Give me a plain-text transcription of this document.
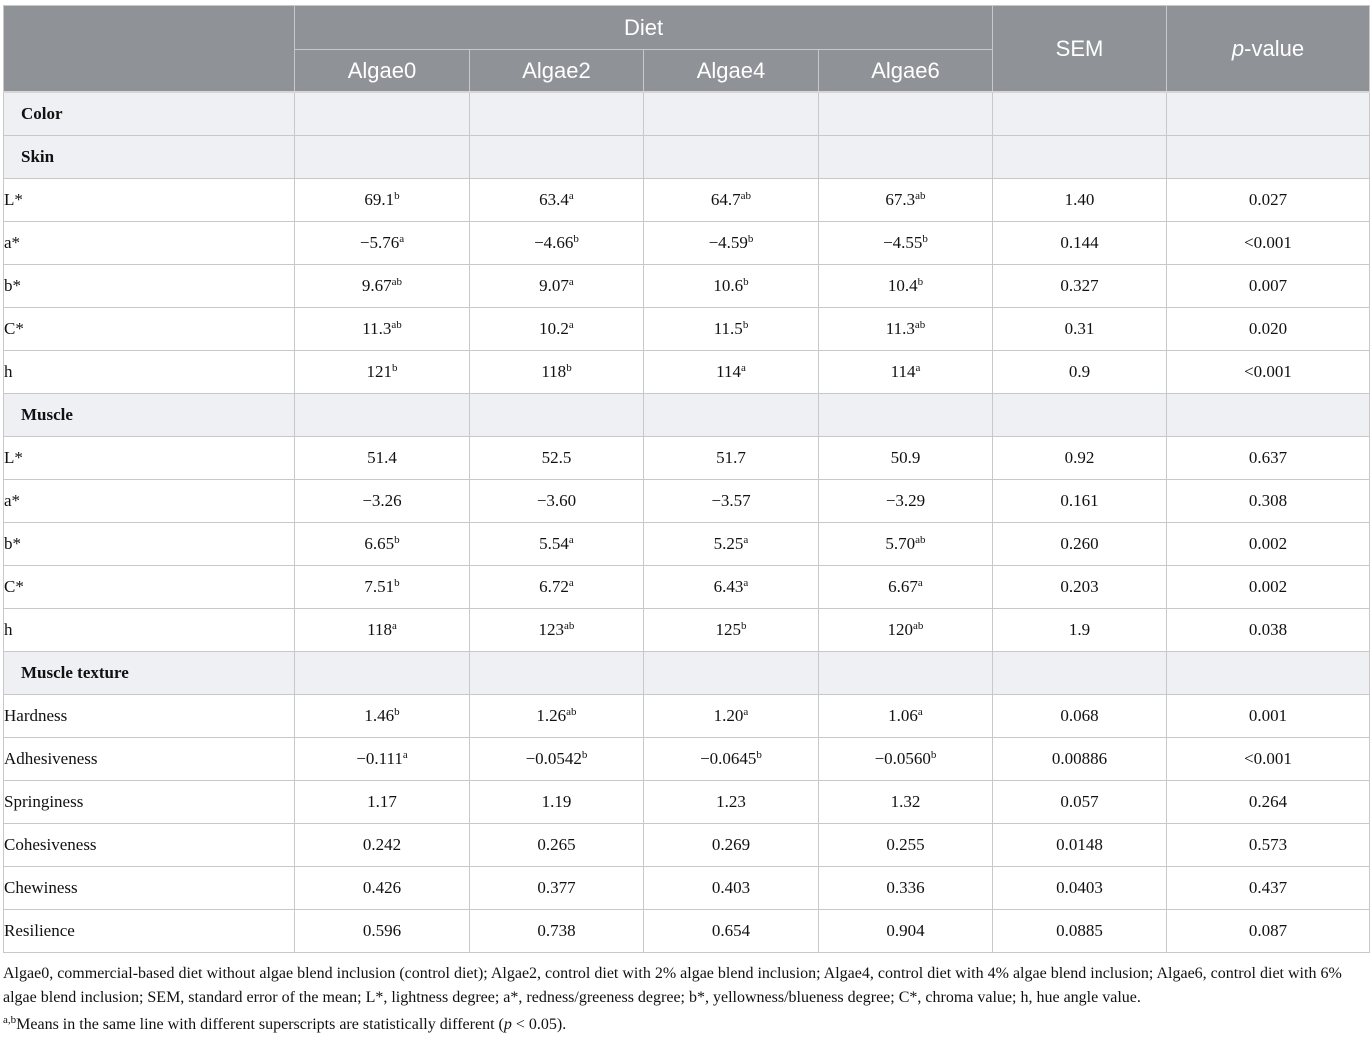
	Diet				SEM	p-value
	Algae0	Algae2	Algae4	Algae6		
Color						
Skin						
L*	69.1$^b$	63.4$^a$	64.7$^{ab}$	67.3$^{ab}$	1.40	0.027
a*	−5.76$^a$	−4.66$^b$	−4.59$^b$	−4.55$^b$	0.144	<0.001
b*	9.67$^{ab}$	9.07$^a$	10.6$^b$	10.4$^b$	0.327	0.007
C*	11.3$^{ab}$	10.2$^a$	11.5$^b$	11.3$^{ab}$	0.31	0.020
h	121$^b$	118$^b$	114$^a$	114$^a$	0.9	<0.001
Muscle						
L*	51.4	52.5	51.7	50.9	0.92	0.637
a*	−3.26	−3.60	−3.57	−3.29	0.161	0.308
b*	6.65$^b$	5.54$^a$	5.25$^a$	5.70$^{ab}$	0.260	0.002
C*	7.51$^b$	6.72$^a$	6.43$^a$	6.67$^a$	0.203	0.002
h	118$^a$	$123^{ab}$	125$^b$	$120^{ab}$	1.9	0.038
Muscle texture						
Hardness	1.46$^b$	1.26$^{ab}$	1.20$^a$	1.06$^a$	0.068	0.001
Adhesiveness	−0.111$^a$	−0.0542$^b$	−0.0645$^b$	−0.0560$^b$	0.00886	<0.001
Springiness	1.17	1.19	1.23	1.32	0.057	0.264
Cohesiveness	0.242	0.265	0.269	0.255	0.0148	0.573
Chewiness	0.426	0.377	0.403	0.336	0.0403	0.437
Resilience	0.596	0.738	0.654	0.904	0.0885	0.087

Algae0, commercial-based diet without algae blend inclusion (control diet); Algae2, control diet with 2% algae blend inclusion; Algae4, control diet with 4% algae blend inclusion; Algae6, control diet with 6% algae blend inclusion; SEM, standard error of the mean; L*, lightness degree; a*, redness/greeness degree; b*, yellowness/blueness degree; C*, chroma value; h, hue angle value.

$^{a,b}$Means in the same line with different superscripts are statistically different (p < 0.05).
